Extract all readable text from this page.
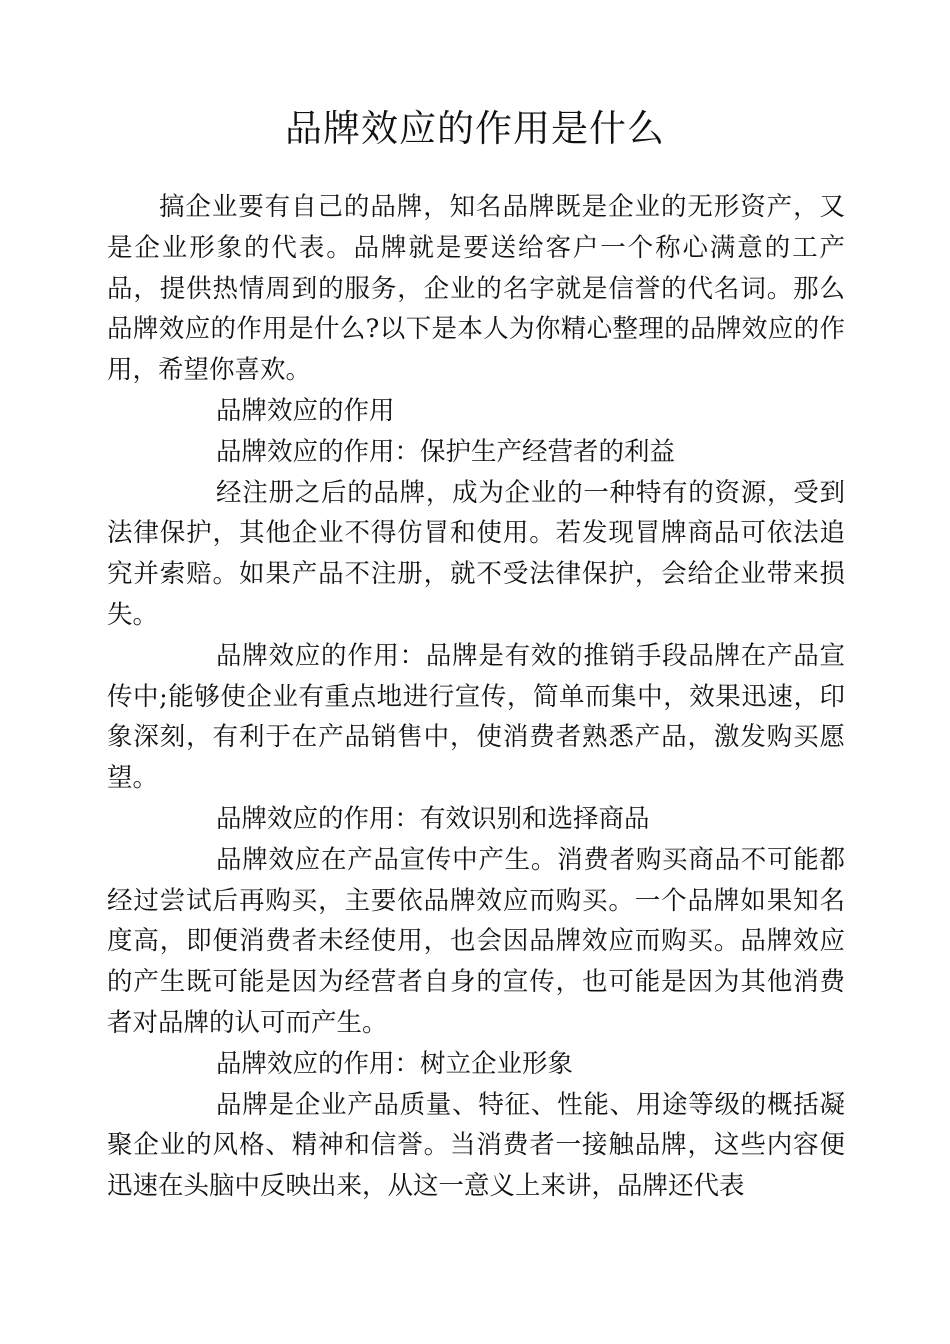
品牌效应的作用是什么

搞企业要有自己的品牌，知名品牌既是企业的无形资产，又是企业形象的代表。品牌就是要送给客户一个称心满意的工产品，提供热情周到的服务，企业的名字就是信誉的代名词。那么品牌效应的作用是什么?以下是本人为你精心整理的品牌效应的作用，希望你喜欢。

品牌效应的作用

品牌效应的作用：保护生产经营者的利益

经注册之后的品牌，成为企业的一种特有的资源，受到法律保护，其他企业不得仿冒和使用。若发现冒牌商品可依法追究并索赔。如果产品不注册，就不受法律保护，会给企业带来损失。

品牌效应的作用：品牌是有效的推销手段品牌在产品宣传中;能够使企业有重点地进行宣传，简单而集中，效果迅速，印象深刻，有利于在产品销售中，使消费者熟悉产品，激发购买愿望。

品牌效应的作用：有效识别和选择商品

品牌效应在产品宣传中产生。消费者购买商品不可能都经过尝试后再购买，主要依品牌效应而购买。一个品牌如果知名度高，即便消费者未经使用，也会因品牌效应而购买。品牌效应的产生既可能是因为经营者自身的宣传，也可能是因为其他消费者对品牌的认可而产生。

品牌效应的作用：树立企业形象

品牌是企业产品质量、特征、性能、用途等级的概括凝聚企业的风格、精神和信誉。当消费者一接触品牌，这些内容便迅速在头脑中反映出来，从这一意义上来讲，品牌还代表
